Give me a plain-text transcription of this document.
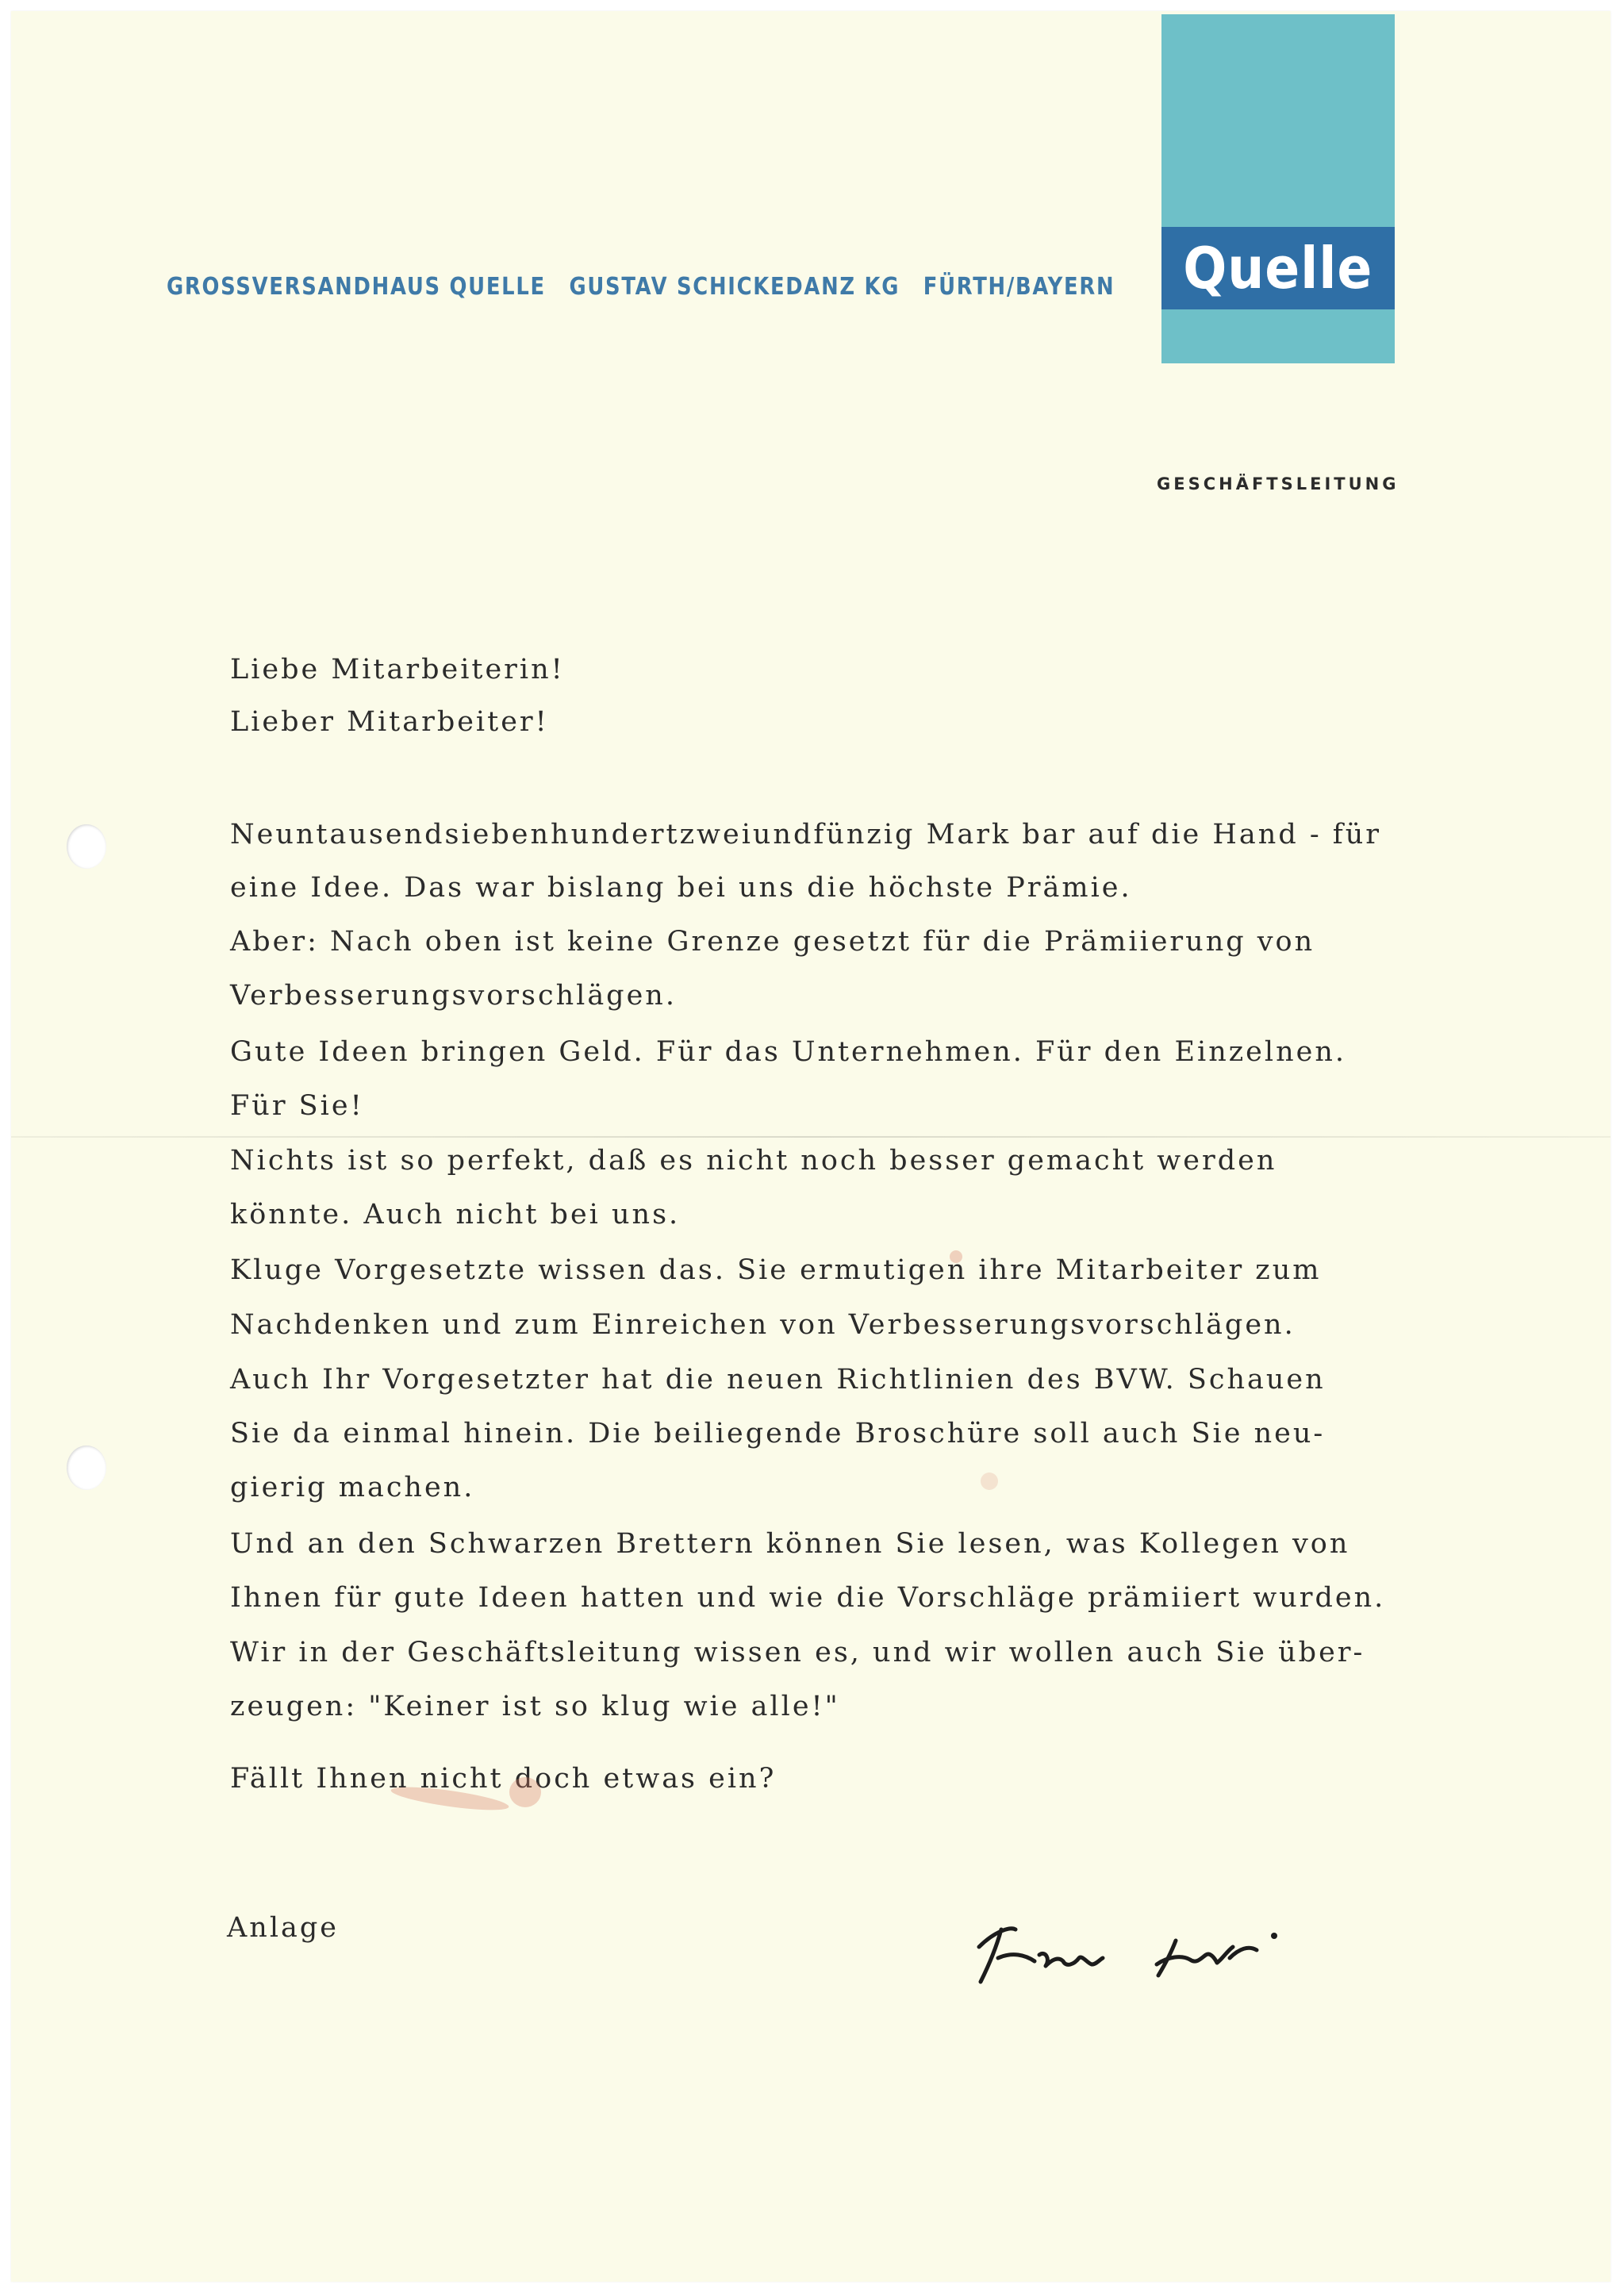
GROSSVERSANDHAUS QUELLE GUSTAV SCHICKEDANZ KG FÜRTH/BAYERN Quelle
GESCHÄFTSLEITUNG
Liebe Mitarbeiterin!
Lieber Mitarbeiter!
Neuntausendsiebenhundertzweiundfünzig Mark bar auf die Hand - für
eine Idee. Das war bislang bei uns die höchste Prämie.
Aber: Nach oben ist keine Grenze gesetzt für die Prämiierung von
Verbesserungsvorschlägen.
Gute Ideen bringen Geld. Für das Unternehmen. Für den Einzelnen.
Für Sie!
Nichts ist so perfekt, daß es nicht noch besser gemacht werden
könnte. Auch nicht bei uns.
Kluge Vorgesetzte wissen das. Sie ermutigen ihre Mitarbeiter zum
Nachdenken und zum Einreichen von Verbesserungsvorschlägen.
Auch Ihr Vorgesetzter hat die neuen Richtlinien des BVW. Schauen
Sie da einmal hinein. Die beiliegende Broschüre soll auch Sie neu-
gierig machen.
Und an den Schwarzen Brettern können Sie lesen, was Kollegen von
Ihnen für gute Ideen hatten und wie die Vorschläge prämiiert wurden.
Wir in der Geschäftsleitung wissen es, und wir wollen auch Sie über-
zeugen: "Keiner ist so klug wie alle!"
Fällt Ihnen nicht doch etwas ein?
Anlage
